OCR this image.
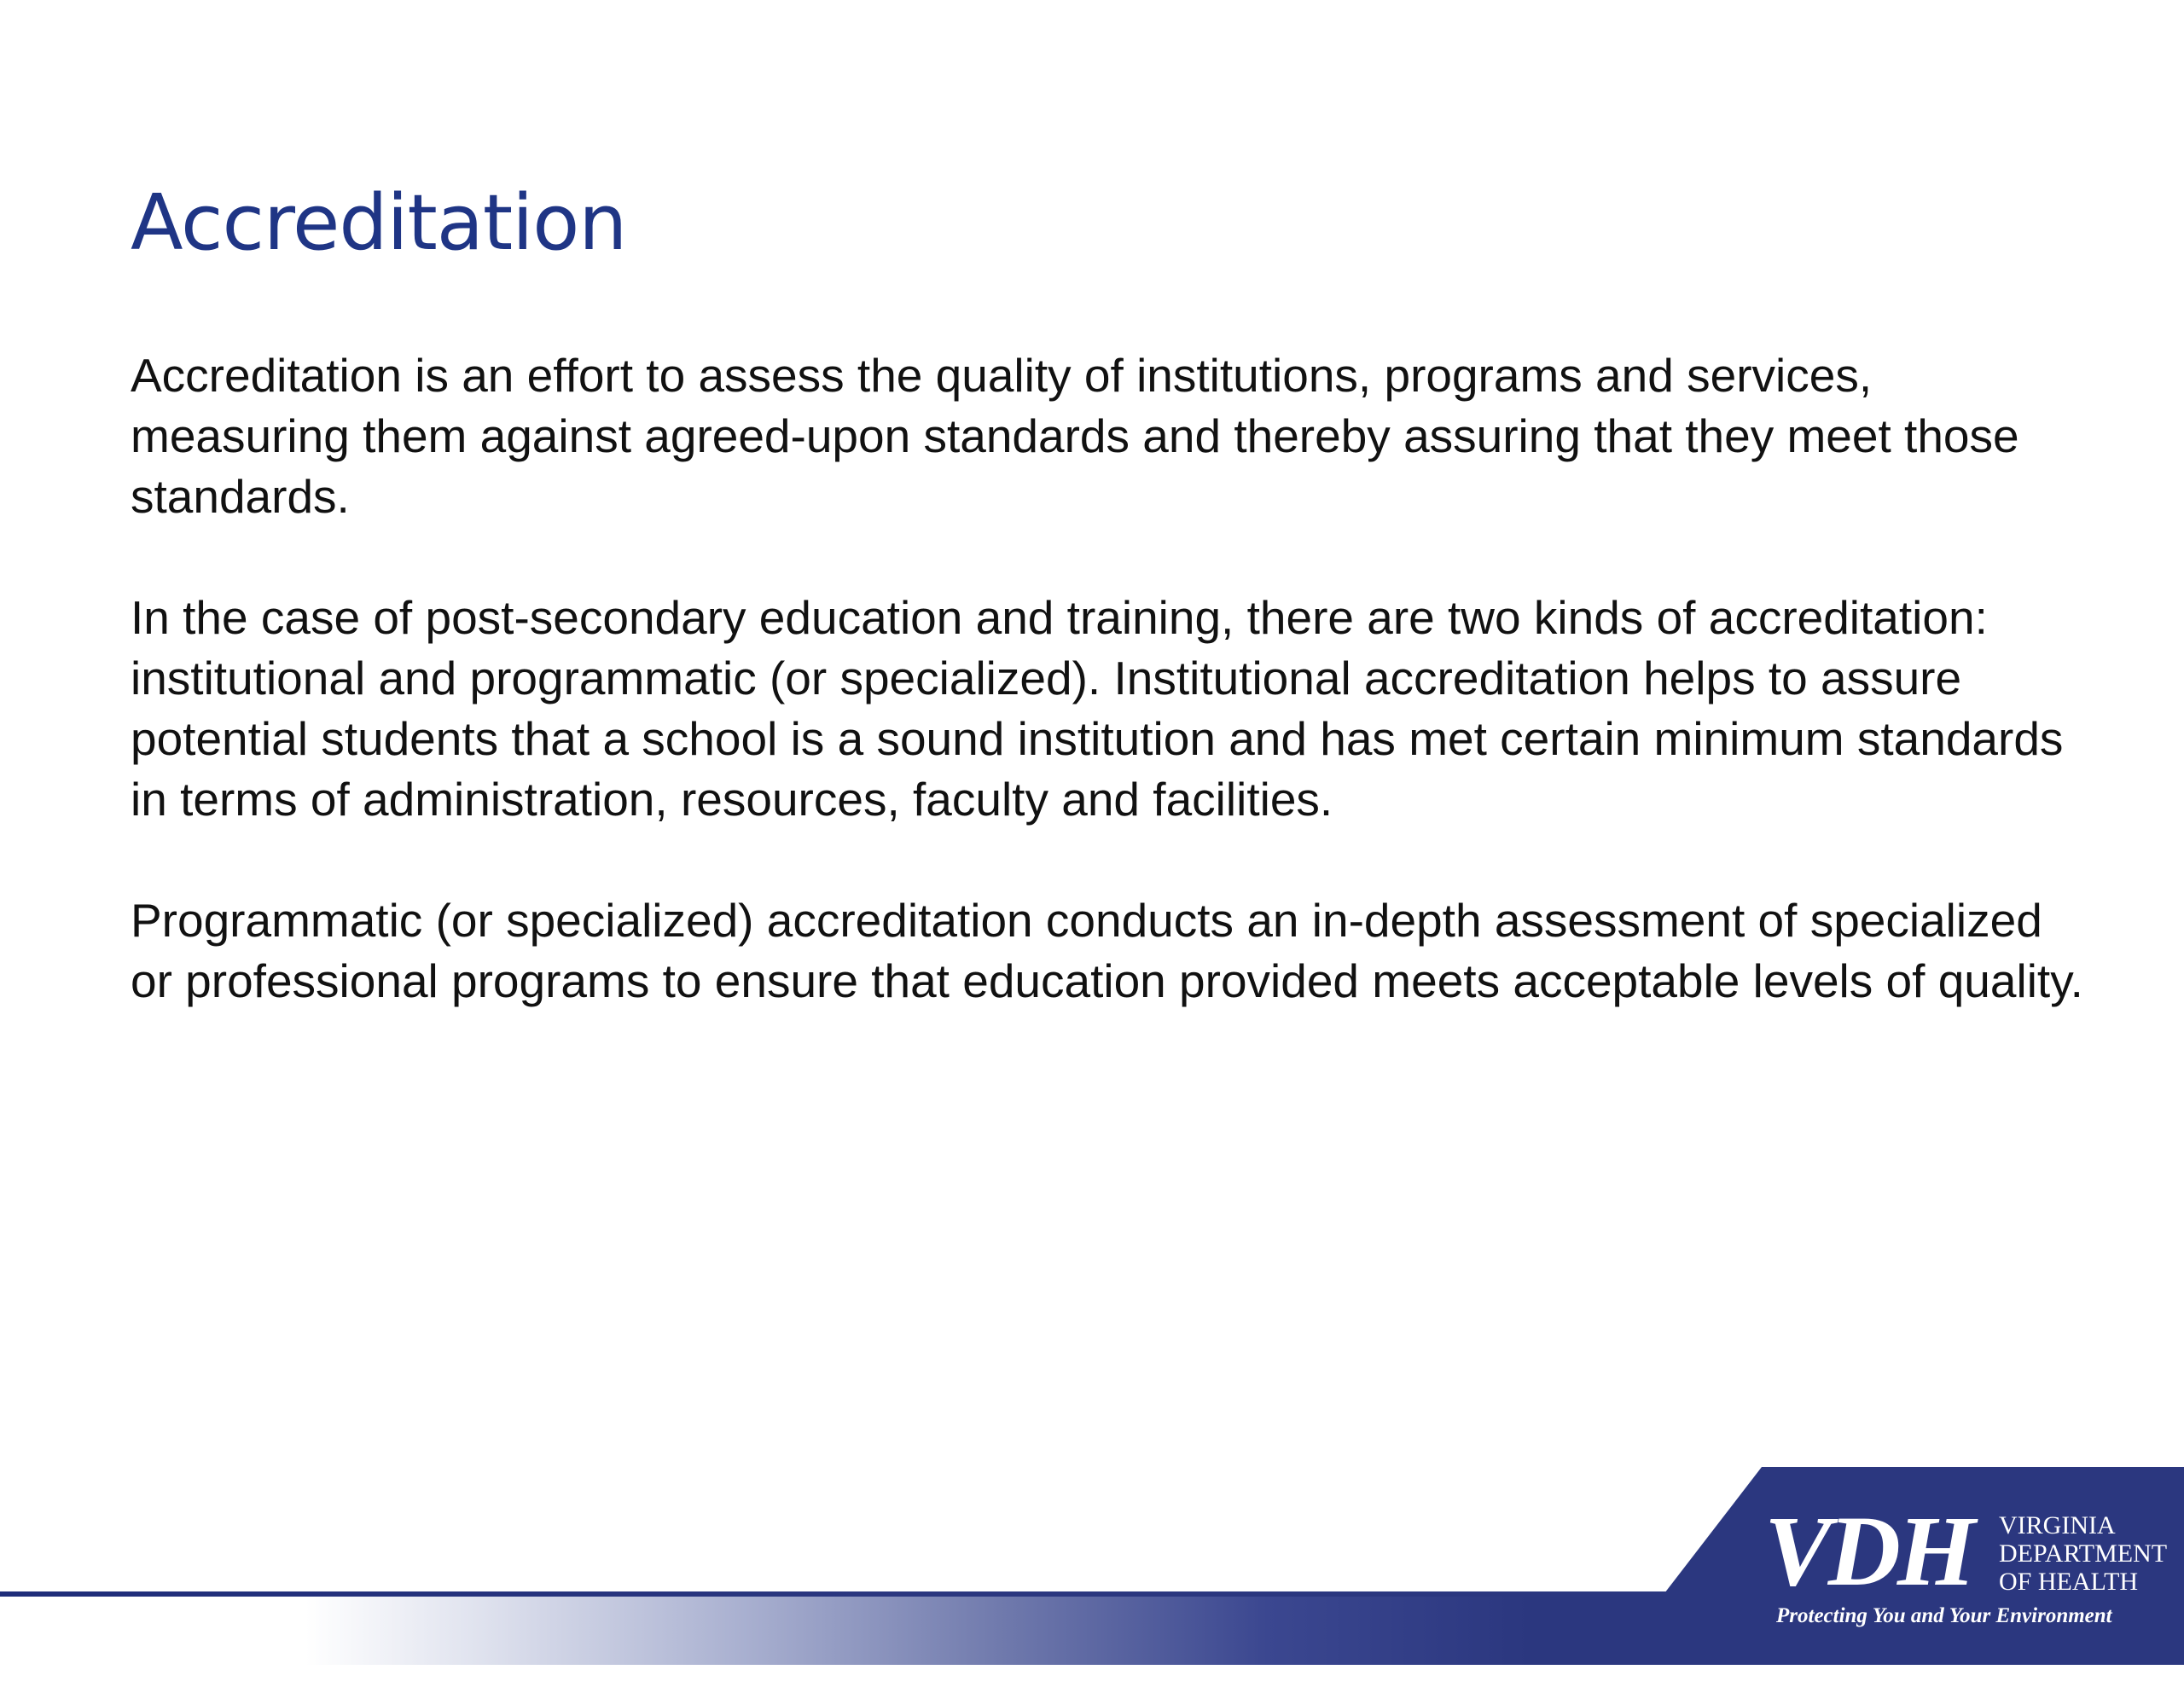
Accreditation

Accreditation is an effort to assess the quality of institutions, programs and services, measuring them against agreed-upon standards and thereby assuring that they meet those standards.

In the case of post-secondary education and training, there are two kinds of accreditation: institutional and programmatic (or specialized). Institutional accreditation helps to assure potential students that a school is a sound institution and has met certain minimum standards in terms of administration, resources, faculty and facilities.

Programmatic (or specialized) accreditation conducts an in-depth assessment of specialized or professional programs to ensure that education provided meets acceptable levels of quality.

VDH VIRGINIA
DEPARTMENT
OF HEALTH
Protecting You and Your Environment
